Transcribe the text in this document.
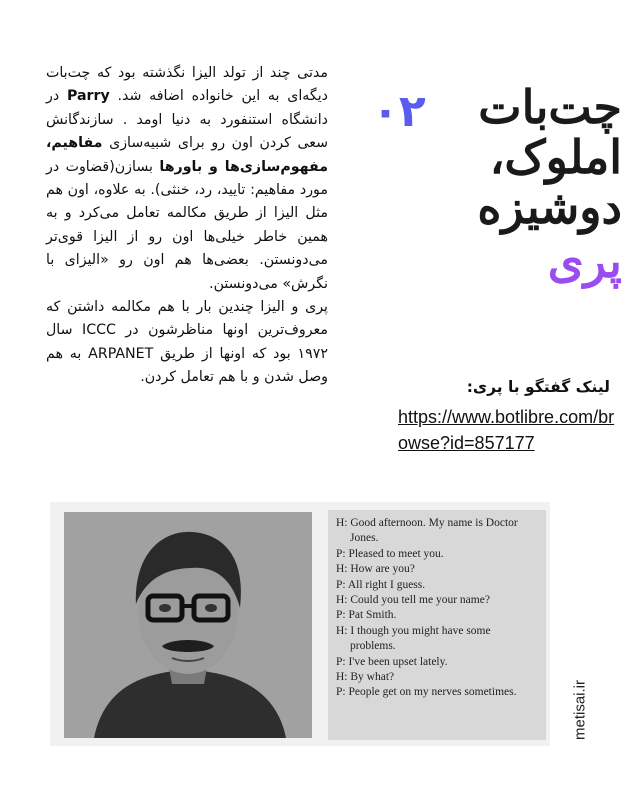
مدتی چند از تولد الیزا نگذشته بود که چت‌بات دیگه‌ای به این خانواده اضافه شد. Parry در دانشگاه استنفورد به دنیا اومد . سازندگانش سعی کردن اون رو برای شبیه‌سازی مفاهیم، مفهوم‌سازی‌ها و باورها بسازن(قضاوت در مورد مفاهیم: تایید، رد، خنثی). به علاوه، اون هم مثل الیزا از طریق مکالمه تعامل می‌کرد و به همین خاطر خیلی‌ها اون رو از الیزا قوی‌تر می‌دونستن. بعضی‌ها هم اون رو «الیزای با نگرش» می‌دونستن.

پری و الیزا چندین بار با هم مکالمه داشتن که معروف‌ترین اونها مناظرشون در ICCC سال ۱۹۷۲ بود که اونها از طریق ARPANET به هم وصل شدن و با هم تعامل کردن.

۰۲	چت‌بات
املوک،
دوشیزه
پری
لینک گفتگو با پری:
https://www.botlibre.com/browse?id=857177
H: Good afternoon. My name is Doctor Jones.
P: Pleased to meet you.
H: How are you?
P: All right I guess.
H: Could you tell me your name?
P: Pat Smith.
H: I though you might have some problems.
P: I've been upset lately.
H: By what?
P: People get on my nerves sometimes.	metisai.ir
